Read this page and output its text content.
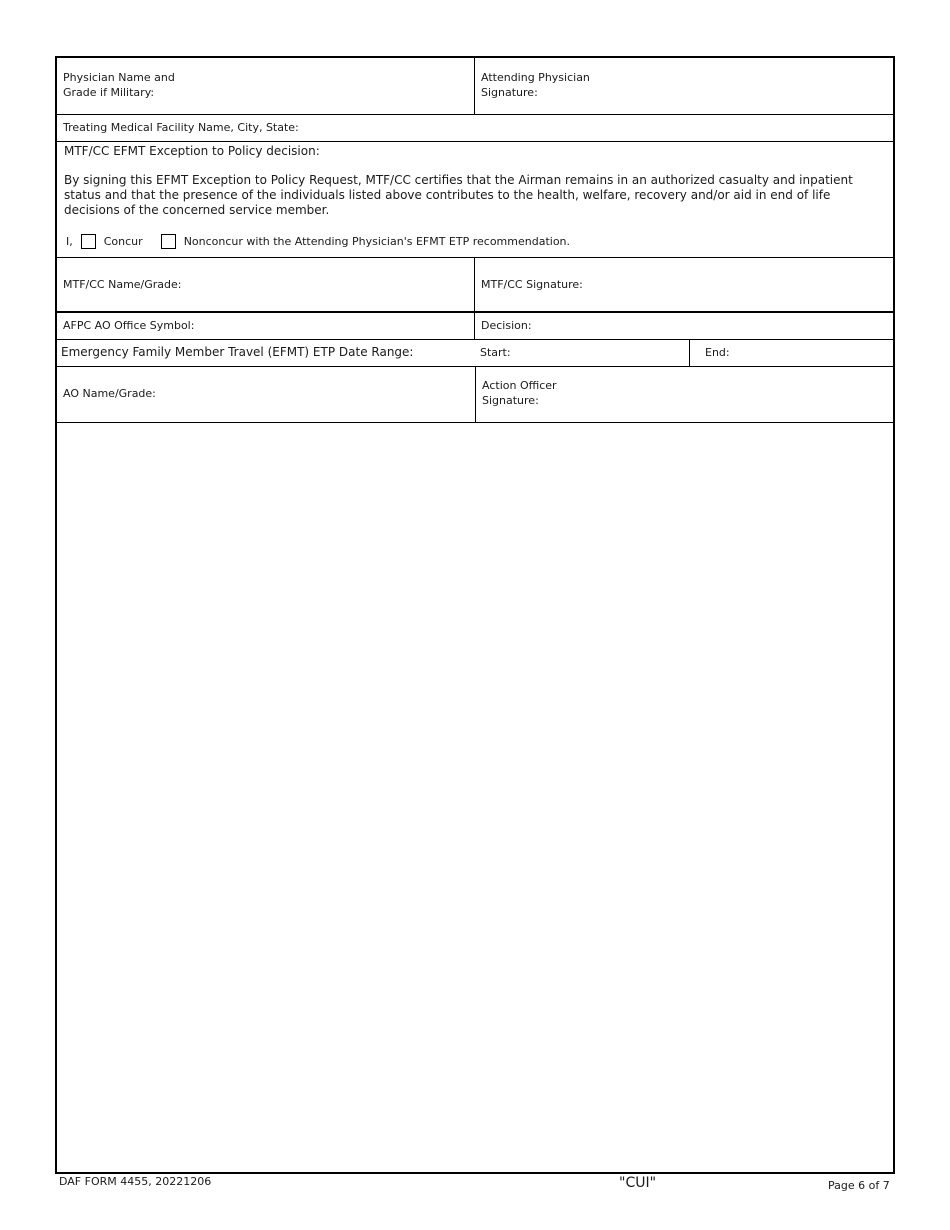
Physician Name and
Grade if Military:
Attending Physician
Signature:
Treating Medical Facility Name, City, State:
MTF/CC EFMT Exception to Policy decision:
By signing this EFMT Exception to Policy Request, MTF/CC certifies that the Airman remains in an authorized casualty and inpatient status and that the presence of the individuals listed above contributes to the health, welfare, recovery and/or aid in end of life decisions of the concerned service member.
I,	Concur	Nonconcur with the Attending Physician's EFMT ETP recommendation.
MTF/CC Name/Grade:	MTF/CC Signature:
AFPC AO Office Symbol:	Decision:
Emergency Family Member Travel (EFMT) ETP Date Range:	Start:	End:
AO Name/Grade:
Action Officer
Signature:
DAF FORM 4455, 20221206	"CUI"	Page 6 of 7
